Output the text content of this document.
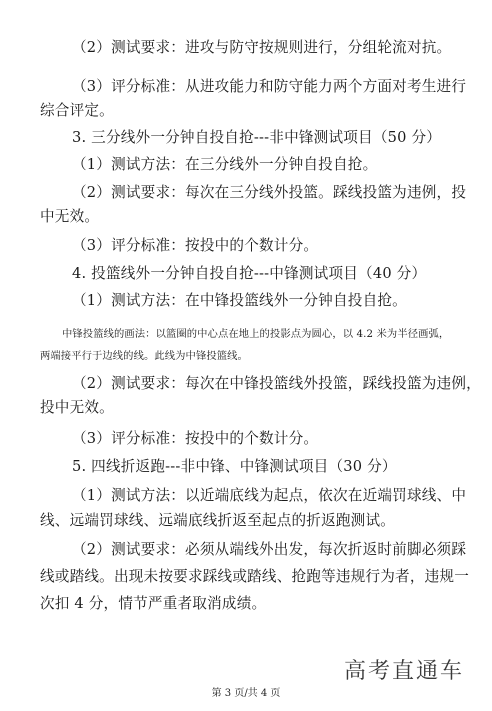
（2）测试要求：进攻与防守按规则进行，分组轮流对抗。
（3）评分标准：从进攻能力和防守能力两个方面对考生进行
综合评定。
3. 三分线外一分钟自投自抢---非中锋测试项目（50 分）
（1）测试方法：在三分线外一分钟自投自抢。
（2）测试要求：每次在三分线外投篮。踩线投篮为违例，投
中无效。
（3）评分标准：按投中的个数计分。
4. 投篮线外一分钟自投自抢---中锋测试项目（40 分）
（1）测试方法：在中锋投篮线外一分钟自投自抢。
中锋投篮线的画法：以篮圈的中心点在地上的投影点为圆心，以 4.2 米为半径画弧，
两端接平行于边线的线。此线为中锋投篮线。
（2）测试要求：每次在中锋投篮线外投篮，踩线投篮为违例，
投中无效。
（3）评分标准：按投中的个数计分。
5. 四线折返跑---非中锋、中锋测试项目（30 分）
（1）测试方法：以近端底线为起点，依次在近端罚球线、中
线、远端罚球线、远端底线折返至起点的折返跑测试。
（2）测试要求：必须从端线外出发，每次折返时前脚必须踩
线或踏线。出现未按要求踩线或踏线、抢跑等违规行为者，违规一
次扣 4 分，情节严重者取消成绩。
高考直通车
第 3 页/共 4 页
